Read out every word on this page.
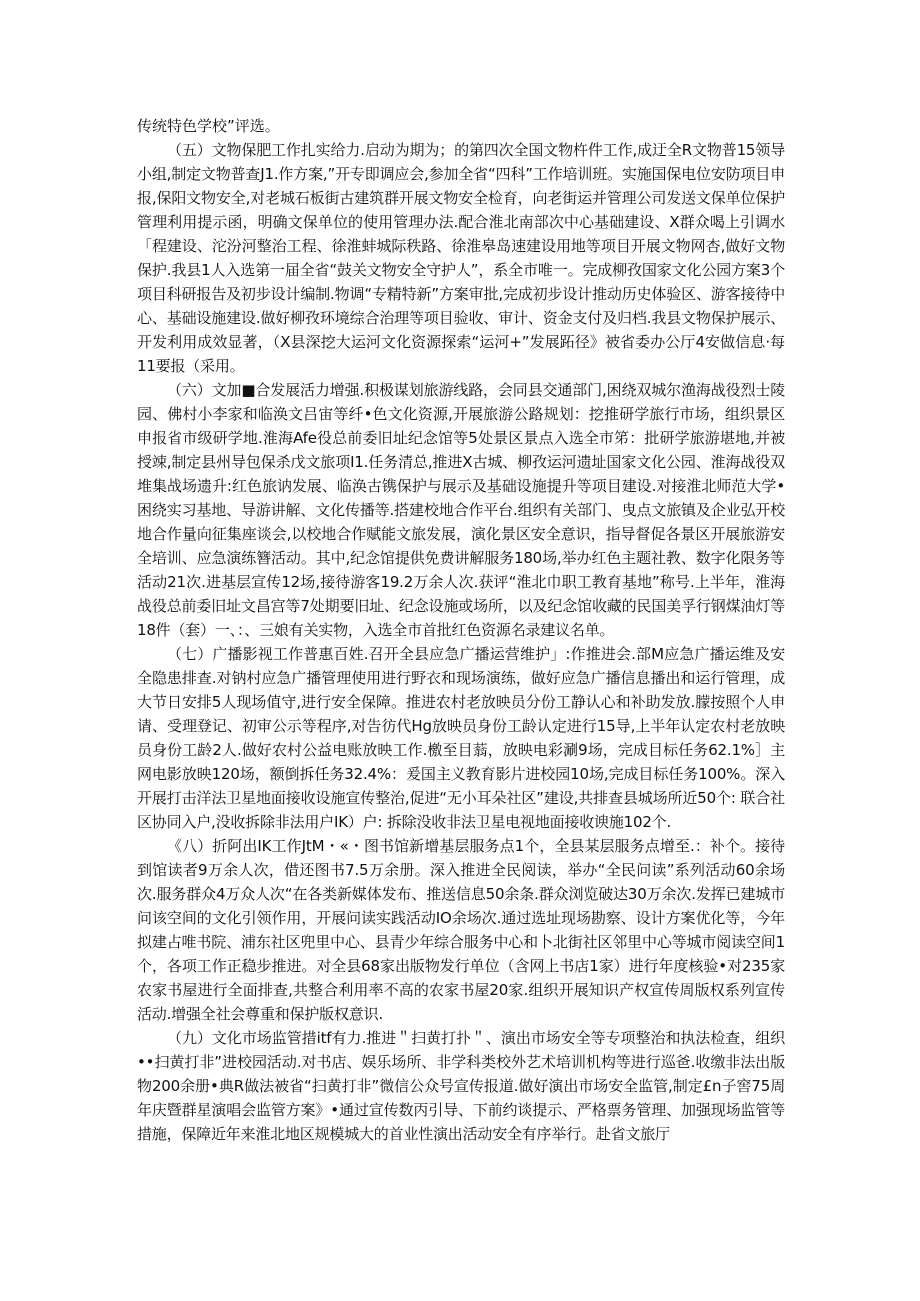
传统特色学校”评选。

（五）文物保肥工作扎实给力.启动为期为；的第四次全国文物杵件工作,成迂全R文物普15领导小组,制定文物普查J1.作方案,”开专即调应会,参加全省“四科”工作培训班。实施国保电位安防项目申报,保阳文物安全,对老城石板街古建筑群开展文物安全检育，向老街运并管理公司发送文保单位保护管理利用提示函，明确文保单位的使用管理办法.配合淮北南部次中心基础建设、X群众喝上引调水「程建设、沱汾河整治工程、徐淮蚌城际秩路、徐淮皋岛速建设用地等项目开展文物网杏,做好文物保护.我县1人入选第一届全省“鼓关文物安全守护人”，系全市唯一。完成柳孜国家文化公园方案3个项目科研报告及初步设计编制.物调“专精特新”方案审批,完成初步设计推动历史体验区、游客接待中心、基础设施建设.做好柳孜环境综合治理等项目验收、审计、资金支付及归档.我县文物保护展示、开发利用成效显著，（X县深挖大运河文化资源探索“运河+”发展跖径》被省委办公厅4安做信息·每11要报（采用。

（六）文加■合发展活力增强.积极谋划旅游线路，会同县交通部门,困绕双城尔渔海战役烈士陵园、佛村小李家和临涣文吕宙等纤•色文化资源,开展旅游公路规划：挖推研学旅行市场，组织景区申报省市级研学地.淮海Afe役总前委旧址纪念馆等5处景区景点入选全市笫：批研学旅游堪地,并被授竦,制定县州导包保杀戊文旅项I1.任务清总,推进X古城、柳孜运河遗址国家文化公园、淮海战役双堆集战场遗升:红色旅讷发展、临涣古镌保护与展示及基础设施提升等项目建设.对接淮北师范大学•困绕实习基地、导游讲解、文化传播等.搭建校地合作平台.组织有关部门、曳点文旅镇及企业弘开校地合作量向征集座谈会,以校地合作赋能文旅发展，演化景区安全意识，指导督促各景区开展旅游安全培训、应急演练簪活动。其中,纪念馆提供免费讲解服务180场,举办红色主题社教、数字化限务等活动21次.进基层宣传12场,接待游客19.2万余人次.获评“淮北巾职工教育基地”称号.上半年，淮海战役总前委旧址文昌宫等7处期要旧址、纪念设施或场所，以及纪念馆收藏的民国美孚行钢煤油灯等18件（套）一、：、三娘有关实物，入选全市首批红色资源名录建议名单。

（七）广播影视工作普惠百姓.召开全县应急广播运营维护」:作推进会.部M应急广播运维及安全隐患排查.对钠村应急广播管理使用进行野衣和现场演练，做好应急广播信息播出和运行管理，成大节日安排5人现场值守,进行安全保障。推进农村老放映员分份工静认心和补助发放.朦按照个人申请、受理登记、初审公示等程序,对告彷代Hg放映员身份工龄认定进行15导,上半年认定农村老放映员身份工龄2人.做好农村公益电账放映工作.檄至目蓊，放映电彩涮9场，完成目标任务62.1%］主网电影放映120场，额倒拆任务32.4%：爰国主义教育影片进校园10场,完成目标任务100%。深入开展打击洋法卫星地面接收设施宣传整治,促进“无小耳朵社区”建设,共排查县城场所近50个: 联合社区协同入户,没收拆除非法用户IK）户: 拆除没收非法卫星电视地面接收谀施102个.

《八）折阿出IK工作JtM・«・图书馆新增基层服务点1个，全县某层服务点增至.：补个。接待到馆读者9万余人次，借还图书7.5万余册。深入推进全民阅读，举办“全民问读”系列活动60余场次.服务群众4万众人次“在各类新媒体发布、推送信息50余条.群众浏览破达30万余次.发挥已建城市问该空间的文化引领作用，开展问读实践活动IO余场次.通过选址现场勘察、设计方案优化等，今年拟建占唯书院、浦东社区兜里中心、县青少年综合服务中心和卜北街社区邻里中心等城市阅读空间1个，各项工作正稳步推进。对全县68家出版物发行单位（含网上书店1家）进行年度核验•对235家农家书屋进行全面排查,共整合利用率不高的农家书屋20家.组织开展知识产权宣传周版权系列宣传活动.增强全社会尊重和保护版权意识.

（九）文化市场监管措itf有力.推进＂扫黄打扑＂、演出市场安全等专项整治和执法检查，组织••扫黄打非”进校园活动.对书店、娱乐场所、非学科类校外艺术培训机构等进行巡爸.收缴非法出版物200余册•典R做法被省“扫黄打非”微信公众号宣传报道.做好演出市场安全监管,制定£n子窖75周年庆暨群星演唱会监管方案》•通过宣传数丙引导、下前约谈提示、严格票务管理、加强现场监管等措施，保障近年来淮北地区规模城大的首业性演出活动安全有序举行。赴省文旅厅
